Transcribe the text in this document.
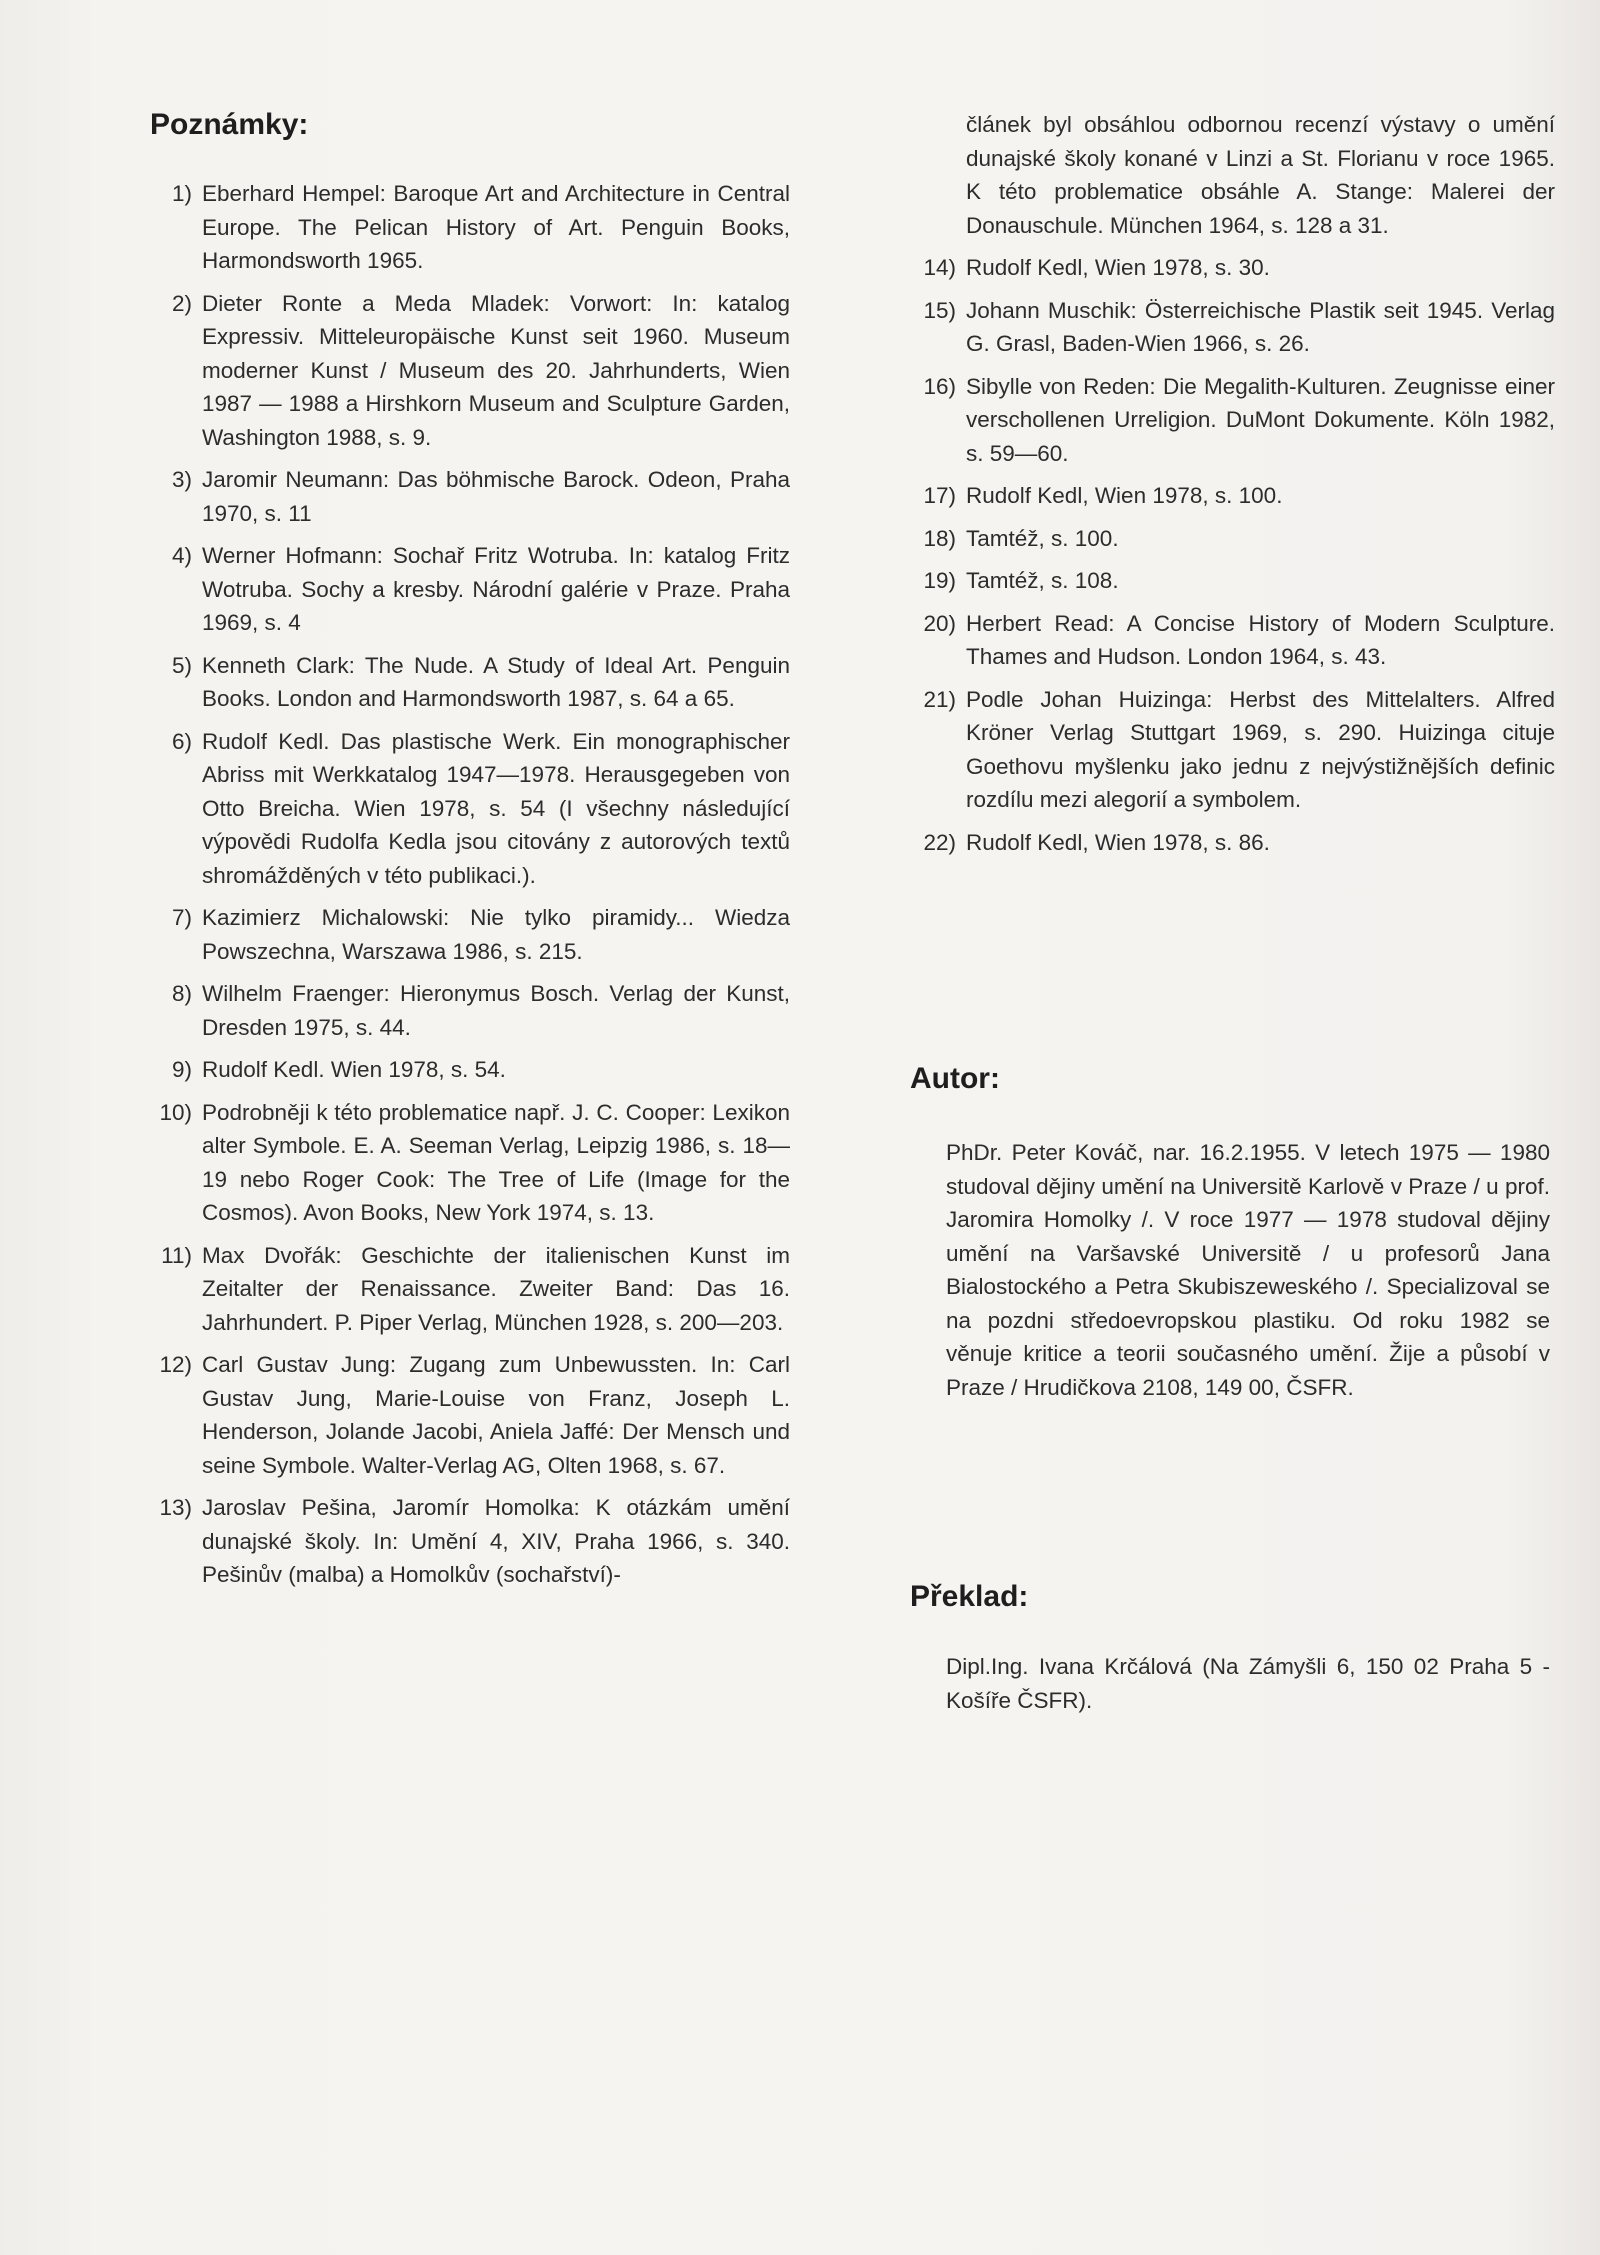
Poznámky:
1) Eberhard Hempel: Baroque Art and Architecture in Central Europe. The Pelican History of Art. Penguin Books, Harmondsworth 1965.
2) Dieter Ronte a Meda Mladek: Vorwort: In: katalog Expressiv. Mitteleuropäische Kunst seit 1960. Museum moderner Kunst / Museum des 20. Jahrhunderts, Wien 1987 — 1988 a Hirshkorn Museum and Sculpture Garden, Washington 1988, s. 9.
3) Jaromir Neumann: Das böhmische Barock. Odeon, Praha 1970, s. 11
4) Werner Hofmann: Sochař Fritz Wotruba. In: katalog Fritz Wotruba. Sochy a kresby. Národní galérie v Praze. Praha 1969, s. 4
5) Kenneth Clark: The Nude. A Study of Ideal Art. Penguin Books. London and Harmondsworth 1987, s. 64 a 65.
6) Rudolf Kedl. Das plastische Werk. Ein monographischer Abriss mit Werkkatalog 1947—1978. Herausgegeben von Otto Breicha. Wien 1978, s. 54 (I všechny následující výpovědi Rudolfa Kedla jsou citovány z autorových textů shromážděných v této publikaci.).
7) Kazimierz Michalowski: Nie tylko piramidy... Wiedza Powszechna, Warszawa 1986, s. 215.
8) Wilhelm Fraenger: Hieronymus Bosch. Verlag der Kunst, Dresden 1975, s. 44.
9) Rudolf Kedl. Wien 1978, s. 54.
10) Podrobněji k této problematice např. J. C. Cooper: Lexikon alter Symbole. E. A. Seeman Verlag, Leipzig 1986, s. 18—19 nebo Roger Cook: The Tree of Life (Image for the Cosmos). Avon Books, New York 1974, s. 13.
11) Max Dvořák: Geschichte der italienischen Kunst im Zeitalter der Renaissance. Zweiter Band: Das 16. Jahrhundert. P. Piper Verlag, München 1928, s. 200—203.
12) Carl Gustav Jung: Zugang zum Unbewussten. In: Carl Gustav Jung, Marie-Louise von Franz, Joseph L. Henderson, Jolande Jacobi, Aniela Jaffé: Der Mensch und seine Symbole. Walter-Verlag AG, Olten 1968, s. 67.
13) Jaroslav Pešina, Jaromír Homolka: K otázkám umění dunajské školy. In: Umění 4, XIV, Praha 1966, s. 340. Pešinův (malba) a Homolkův (sochařství)-

článek byl obsáhlou odbornou recenzí výstavy o umění dunajské školy konané v Linzi a St. Florianu v roce 1965. K této problematice obsáhle A. Stange: Malerei der Donauschule. München 1964, s. 128 a 31.

14) Rudolf Kedl, Wien 1978, s. 30.
15) Johann Muschik: Österreichische Plastik seit 1945. Verlag G. Grasl, Baden-Wien 1966, s. 26.
16) Sibylle von Reden: Die Megalith-Kulturen. Zeugnisse einer verschollenen Urreligion. DuMont Dokumente. Köln 1982, s. 59—60.
17) Rudolf Kedl, Wien 1978, s. 100.
18) Tamtéž, s. 100.
19) Tamtéž, s. 108.
20) Herbert Read: A Concise History of Modern Sculpture. Thames and Hudson. London 1964, s. 43.
21) Podle Johan Huizinga: Herbst des Mittelalters. Alfred Kröner Verlag Stuttgart 1969, s. 290. Huizinga cituje Goethovu myšlenku jako jednu z nejvýstižnějších definic rozdílu mezi alegorií a symbolem.
22) Rudolf Kedl, Wien 1978, s. 86.
Autor:

PhDr. Peter Kováč, nar. 16.2.1955. V letech 1975 — 1980 studoval dějiny umění na Universitě Karlově v Praze / u prof. Jaromira Homolky /. V roce 1977 — 1978 studoval dějiny umění na Varšavské Universitě / u profesorů Jana Bialostockého a Petra Skubiszeweského /. Specializoval se na pozdni středoevropskou plastiku. Od roku 1982 se věnuje kritice a teorii současného umění. Žije a působí v Praze / Hrudičkova 2108, 149 00, ČSFR.

Překlad:

Dipl.Ing. Ivana Krčálová (Na Zámyšli 6, 150 02 Praha 5 - Košíře ČSFR).
